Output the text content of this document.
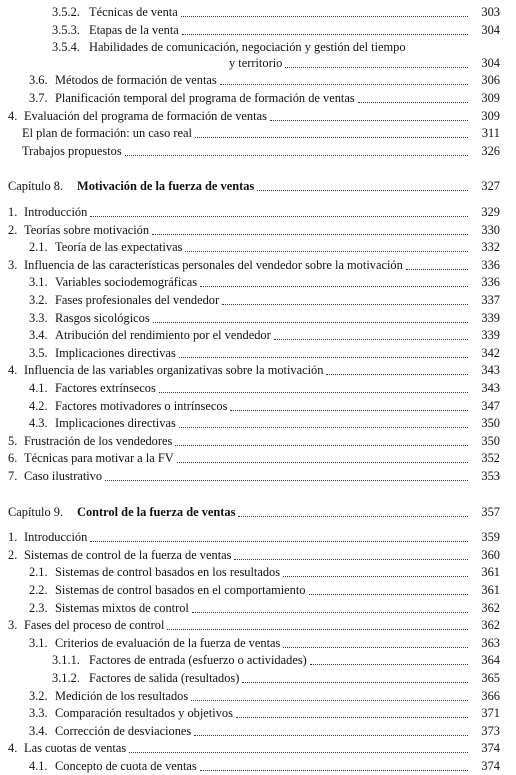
3.5.2. Técnicas de venta	303
3.5.3. Etapas de la venta	304
3.5.4. Habilidades de comunicación, negociación y gestión del tiempo
y territorio	304
3.6. Métodos de formación de ventas	306
3.7. Planificación temporal del programa de formación de ventas	309
4. Evaluación del programa de formación de ventas	309
El plan de formación: un caso real	311
Trabajos propuestos	326
Capítulo 8. Motivación de la fuerza de ventas	327
1. Introducción	329
2. Teorías sobre motivación	330
2.1. Teoría de las expectativas	332
3. Influencia de las características personales del vendedor sobre la motivación	336
3.1. Variables sociodemográficas	336
3.2. Fases profesionales del vendedor	337
3.3. Rasgos sicológicos	339
3.4. Atribución del rendimiento por el vendedor	339
3.5. Implicaciones directivas	342
4. Influencia de las variables organizativas sobre la motivación	343
4.1. Factores extrínsecos	343
4.2. Factores motivadores o intrínsecos	347
4.3. Implicaciones directivas	350
5. Frustración de los vendedores	350
6. Técnicas para motivar a la FV	352
7. Caso ilustrativo	353
Capítulo 9. Control de la fuerza de ventas	357
1. Introducción	359
2. Sistemas de control de la fuerza de ventas	360
2.1. Sistemas de control basados en los resultados	361
2.2. Sistemas de control basados en el comportamiento	361
2.3. Sistemas mixtos de control	362
3. Fases del proceso de control	362
3.1. Criterios de evaluación de la fuerza de ventas	363
3.1.1. Factores de entrada (esfuerzo o actividades)	364
3.1.2. Factores de salida (resultados)	365
3.2. Medición de los resultados	366
3.3. Comparación resultados y objetivos	371
3.4. Corrección de desviaciones	373
4. Las cuotas de ventas	374
4.1. Concepto de cuota de ventas	374
